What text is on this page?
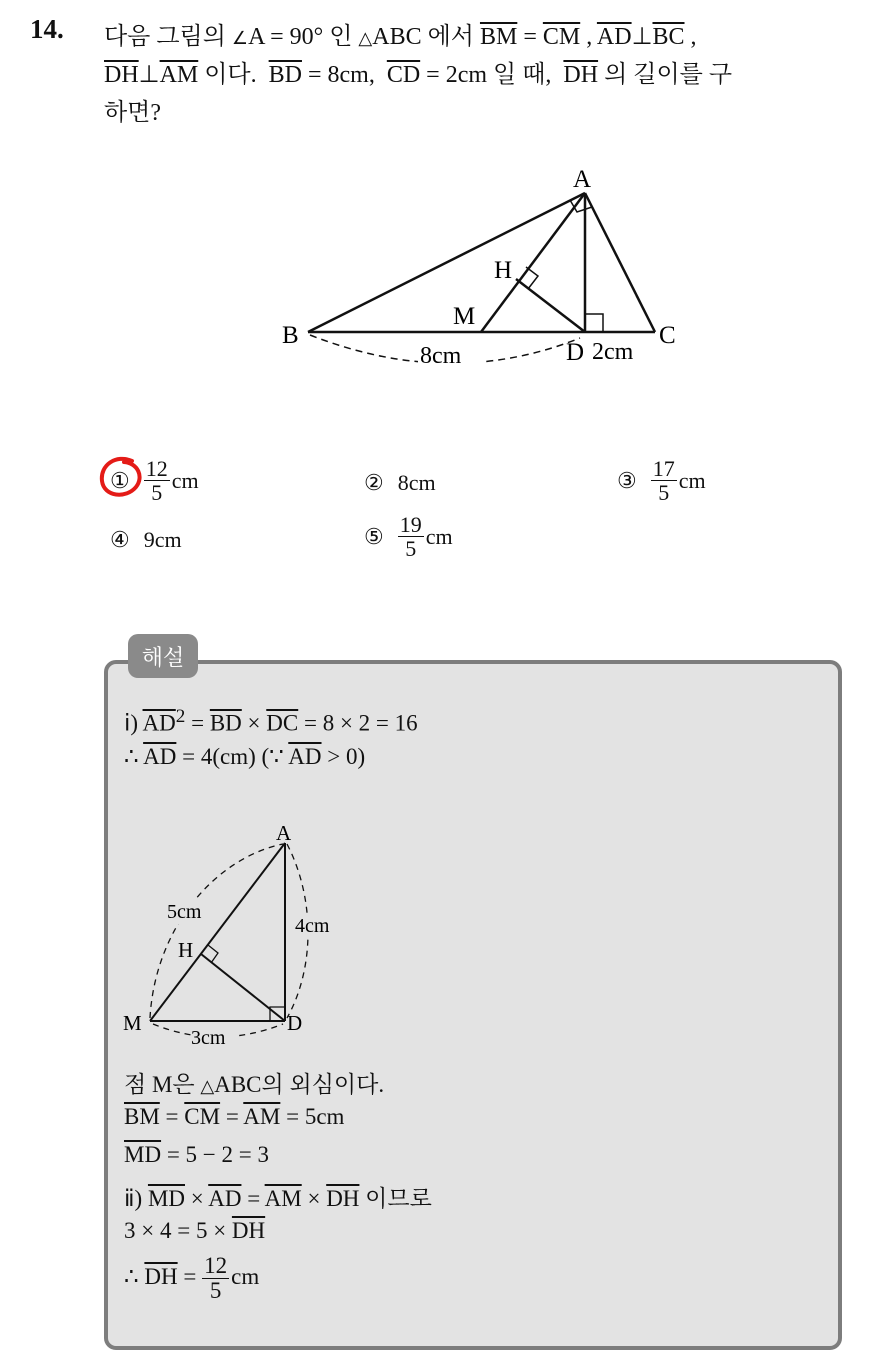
14. 다음 그림의 ∠A = 90° 인 △ABC 에서 $\overline{BM} = \overline{CM}$ , $\overline{AD}\perp\overline{BC}$ ,
$\overline{DH}\perp\overline{AM}$ 이다.  $\overline{BD} = 8cm$,  $\overline{CD} = 2cm$ 일 때,  $\overline{DH}$ 의 길이를 구
하면?
A
B	C
M
H
D
8cm	2cm
① $\frac{12}{5}$ cm	② 8cm	③ $\frac{17}{5}$ cm
④ 9cm	⑤ $\frac{19}{5}$ cm
해설
ⅰ) $\overline{AD}^2 = \overline{BD} \times \overline{DC} = 8 \times 2 = 16$
∴ $\overline{AD} = 4(cm)$ (∵ $\overline{AD} > 0$)
A
H
M	D
5cm
4cm
3cm
점 M은 △ABC의 외심이다.
$\overline{BM} = \overline{CM} = \overline{AM} = 5cm$
$\overline{MD} = 5 - 2 = 3$
ⅱ) $\overline{MD} \times \overline{AD} = \overline{AM} \times \overline{DH}$ 이므로
$3 \times 4 = 5 \times \overline{DH}$
∴ $\overline{DH} = \frac{12}{5}$ cm
